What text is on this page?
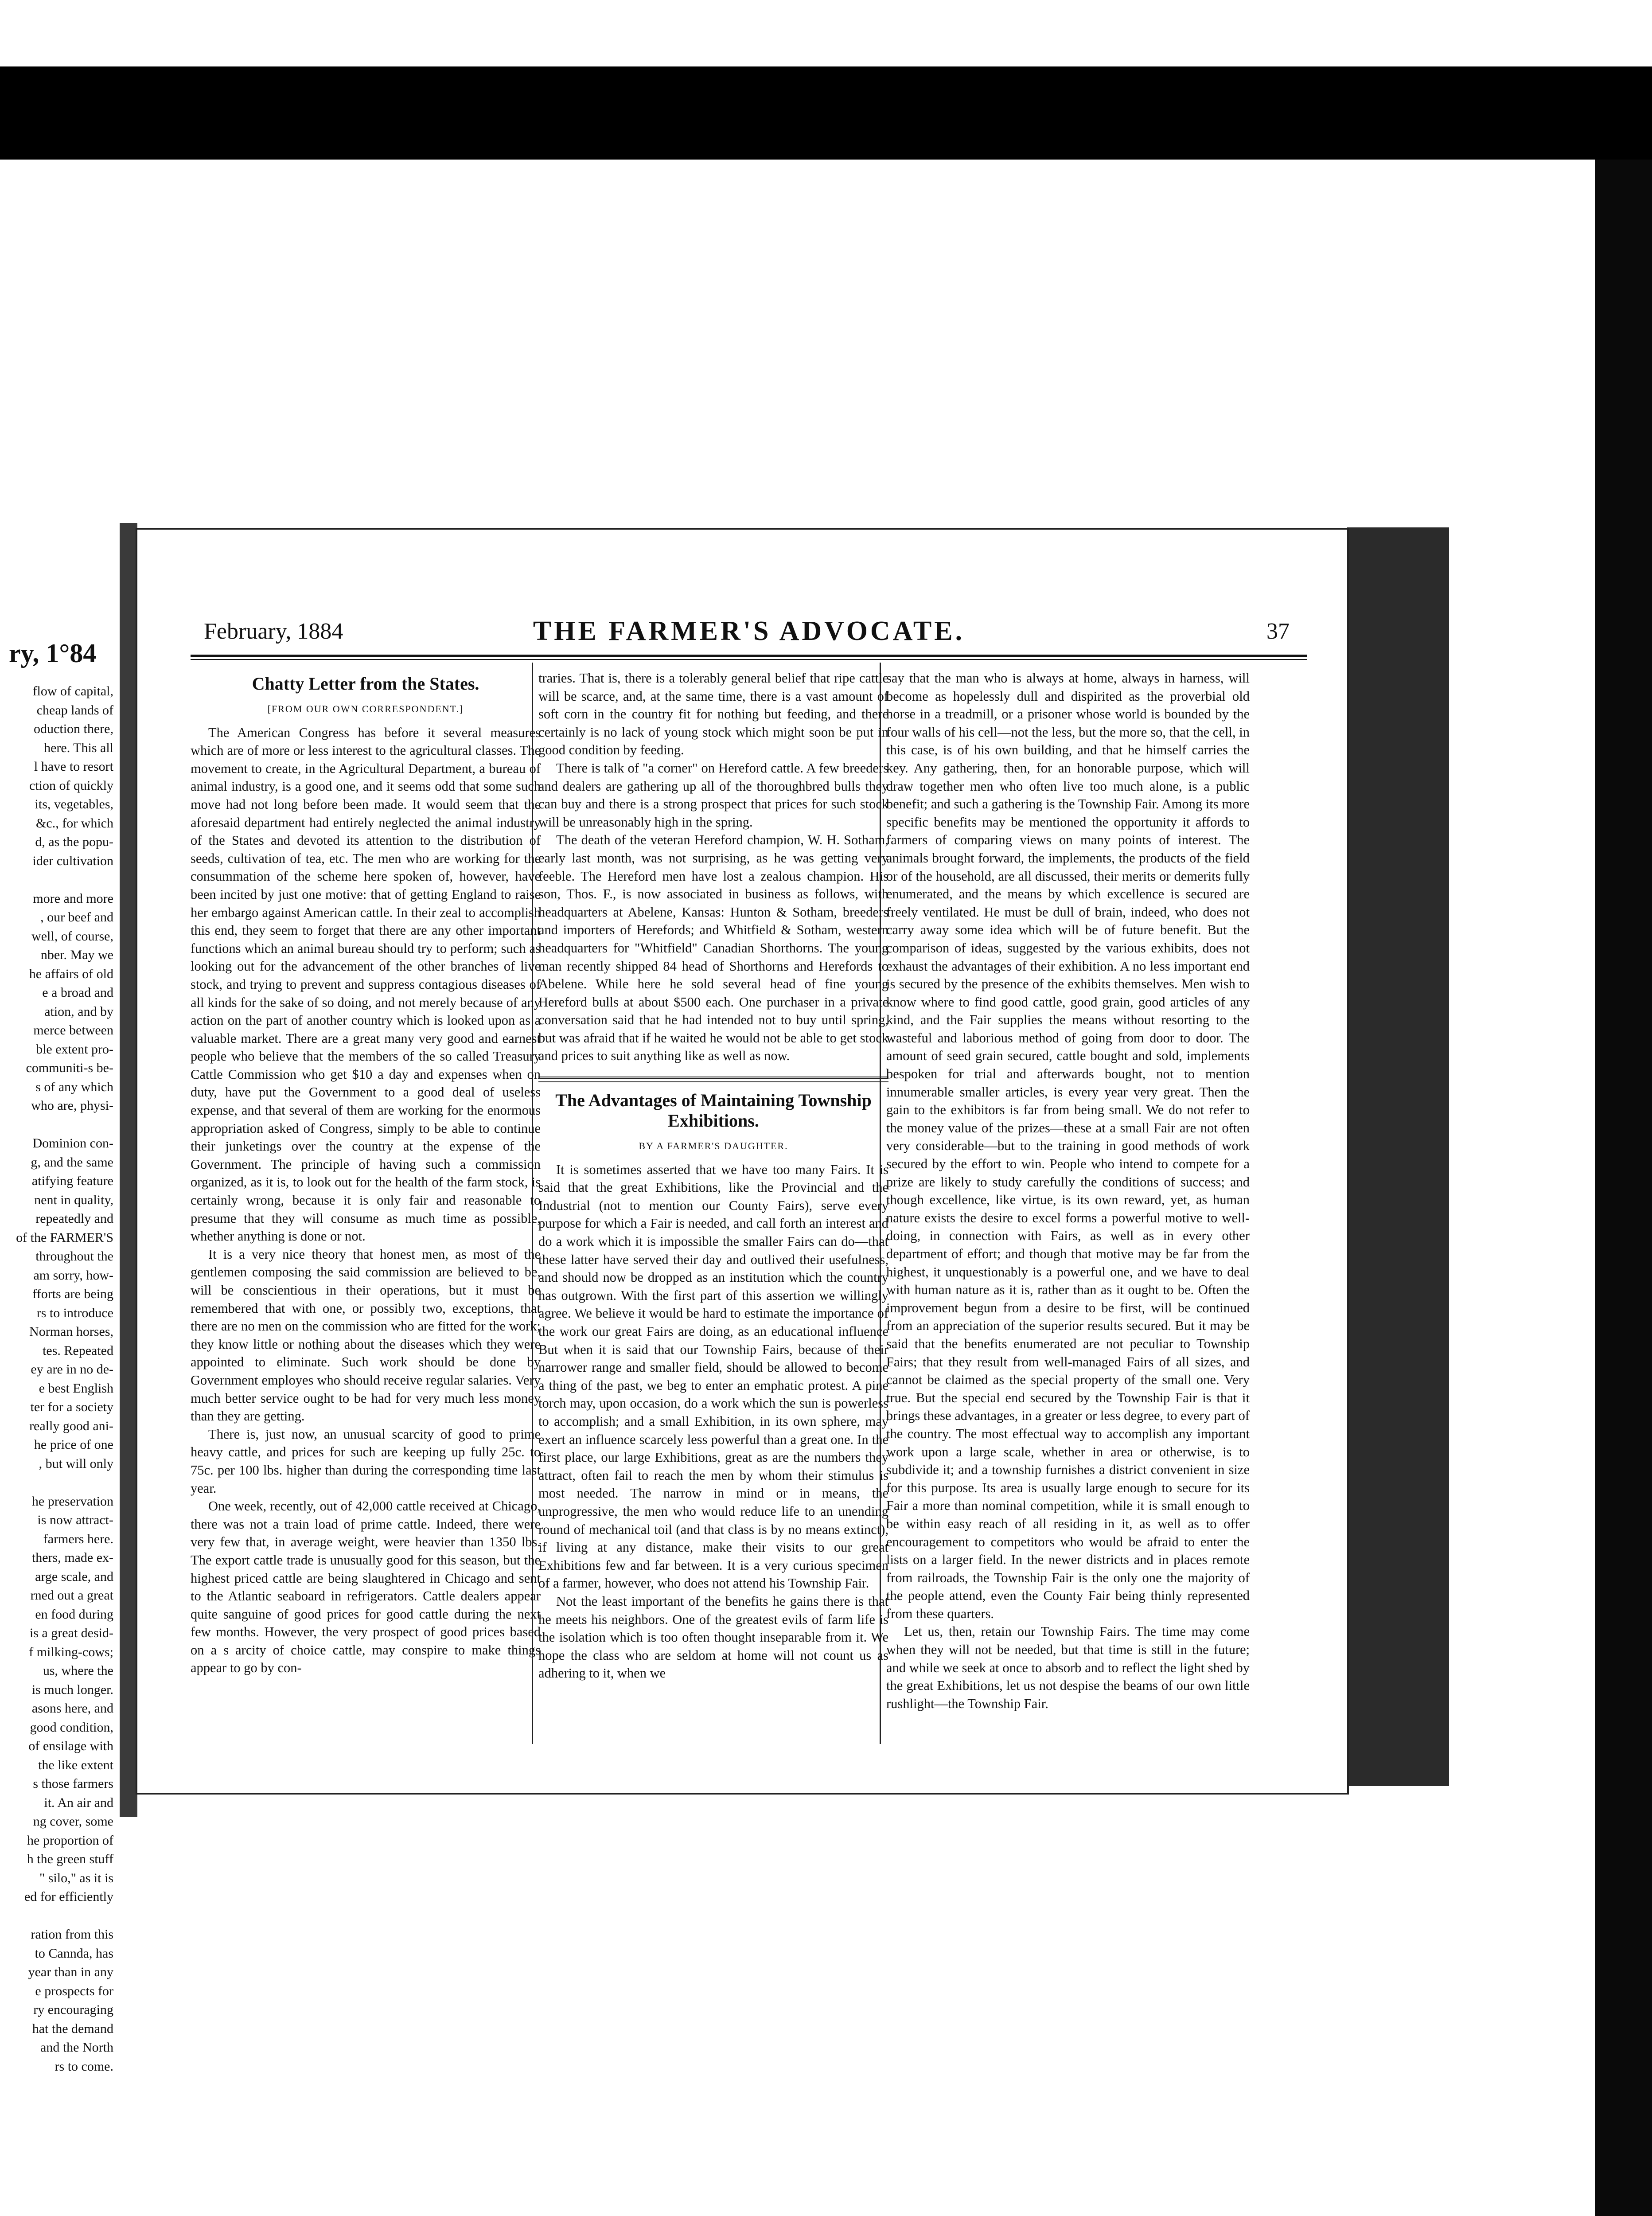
ry, 1°84
flow of capital,
cheap lands of
oduction there,
here. This all
l have to resort
ction of quickly
its, vegetables,
&c., for which
d, as the popu-
ider cultivation

more and more
, our beef and
well, of course,
nber. May we
he affairs of old
e a broad and
ation, and by
merce between
ble extent pro-
communiti-s be-
s of any which
who are, physi-

Dominion con-
g, and the same
atifying feature
nent in quality,
repeatedly and
of the FARMER'S
throughout the
am sorry, how-
fforts are being
rs to introduce
Norman horses,
tes. Repeated
ey are in no de-
e best English
ter for a society
really good ani-
he price of one
, but will only

he preservation
is now attract-
farmers here.
thers, made ex-
arge scale, and
rned out a great
en food during
is a great desid-
f milking-cows;
us, where the
is much longer.
asons here, and
good condition,
of ensilage with
the like extent
s those farmers
it. An air and
ng cover, some
he proportion of
h the green stuff
" silo," as it is
ed for efficiently

ration from this
to Cannda, has
year than in any
e prospects for
ry encouraging
hat the demand
and the North
rs to come.
February, 1884	THE FARMER'S ADVOCATE.	37
Chatty Letter from the States.
[FROM OUR OWN CORRESPONDENT.]

The American Congress has before it several measures which are of more or less interest to the agricultural classes. The movement to create, in the Agricultural Department, a bureau of animal industry, is a good one, and it seems odd that some such move had not long before been made. It would seem that the aforesaid department had entirely neglected the animal industry of the States and devoted its attention to the distribution of seeds, cultivation of tea, etc. The men who are working for the consummation of the scheme here spoken of, however, have been incited by just one motive: that of getting England to raise her embargo against American cattle. In their zeal to accomplish this end, they seem to forget that there are any other important functions which an animal bureau should try to perform; such as looking out for the advancement of the other branches of live stock, and trying to prevent and suppress contagious diseases of all kinds for the sake of so doing, and not merely because of any action on the part of another country which is looked upon as a valuable market. There are a great many very good and earnest people who believe that the members of the so called Treasury Cattle Commission who get $10 a day and expenses when on duty, have put the Government to a good deal of useless expense, and that several of them are working for the enormous appropriation asked of Congress, simply to be able to continue their junketings over the country at the expense of the Government. The principle of having such a commission organized, as it is, to look out for the health of the farm stock, is certainly wrong, because it is only fair and reasonable to presume that they will consume as much time as possible, whether anything is done or not.

It is a very nice theory that honest men, as most of the gentlemen composing the said commission are believed to be, will be conscientious in their operations, but it must be remembered that with one, or possibly two, exceptions, that there are no men on the commission who are fitted for the work; they know little or nothing about the diseases which they were appointed to eliminate. Such work should be done by Government employes who should receive regular salaries. Very much better service ought to be had for very much less money than they are getting.

There is, just now, an unusual scarcity of good to prime heavy cattle, and prices for such are keeping up fully 25c. to 75c. per 100 lbs. higher than during the corresponding time last year.

One week, recently, out of 42,000 cattle received at Chicago, there was not a train load of prime cattle. Indeed, there were very few that, in average weight, were heavier than 1350 lbs. The export cattle trade is unusually good for this season, but the highest priced cattle are being slaughtered in Chicago and sent to the Atlantic seaboard in refrigerators. Cattle dealers appear quite sanguine of good prices for good cattle during the next few months. However, the very prospect of good prices based on a s arcity of choice cattle, may conspire to make things appear to go by con-

traries. That is, there is a tolerably general belief that ripe cattle will be scarce, and, at the same time, there is a vast amount of soft corn in the country fit for nothing but feeding, and there certainly is no lack of young stock which might soon be put in good condition by feeding.

There is talk of "a corner" on Hereford cattle. A few breeders and dealers are gathering up all of the thoroughbred bulls they can buy and there is a strong prospect that prices for such stock will be unreasonably high in the spring.

The death of the veteran Hereford champion, W. H. Sotham, early last month, was not surprising, as he was getting very feeble. The Hereford men have lost a zealous champion. His son, Thos. F., is now associated in business as follows, with headquarters at Abelene, Kansas: Hunton & Sotham, breeders and importers of Herefords; and Whitfield & Sotham, western headquarters for "Whitfield" Canadian Shorthorns. The young man recently shipped 84 head of Shorthorns and Herefords to Abelene. While here he sold several head of fine young Hereford bulls at about $500 each. One purchaser in a private conversation said that he had intended not to buy until spring, but was afraid that if he waited he would not be able to get stock and prices to suit anything like as well as now.

The Advantages of Maintaining Township Exhibitions.
BY A FARMER'S DAUGHTER.

It is sometimes asserted that we have too many Fairs. It is said that the great Exhibitions, like the Provincial and the Industrial (not to mention our County Fairs), serve every purpose for which a Fair is needed, and call forth an interest and do a work which it is impossible the smaller Fairs can do—that these latter have served their day and outlived their usefulness, and should now be dropped as an institution which the country has outgrown. With the first part of this assertion we willingly agree. We believe it would be hard to estimate the importance of the work our great Fairs are doing, as an educational influence But when it is said that our Township Fairs, because of their narrower range and smaller field, should be allowed to become a thing of the past, we beg to enter an emphatic protest. A pine torch may, upon occasion, do a work which the sun is powerless to accomplish; and a small Exhibition, in its own sphere, may exert an influence scarcely less powerful than a great one. In the first place, our large Exhibitions, great as are the numbers they attract, often fail to reach the men by whom their stimulus is most needed. The narrow in mind or in means, the unprogressive, the men who would reduce life to an unending round of mechanical toil (and that class is by no means extinct), if living at any distance, make their visits to our great Exhibitions few and far between. It is a very curious specimen of a farmer, however, who does not attend his Township Fair.

Not the least important of the benefits he gains there is that he meets his neighbors. One of the greatest evils of farm life is the isolation which is too often thought inseparable from it. We hope the class who are seldom at home will not count us as adhering to it, when we

say that the man who is always at home, always in harness, will become as hopelessly dull and dispirited as the proverbial old horse in a treadmill, or a prisoner whose world is bounded by the four walls of his cell—not the less, but the more so, that the cell, in this case, is of his own building, and that he himself carries the key. Any gathering, then, for an honorable purpose, which will draw together men who often live too much alone, is a public benefit; and such a gathering is the Township Fair. Among its more specific benefits may be mentioned the opportunity it affords to farmers of comparing views on many points of interest. The animals brought forward, the implements, the products of the field or of the household, are all discussed, their merits or demerits fully enumerated, and the means by which excellence is secured are freely ventilated. He must be dull of brain, indeed, who does not carry away some idea which will be of future benefit. But the comparison of ideas, suggested by the various exhibits, does not exhaust the advantages of their exhibition. A no less important end is secured by the presence of the exhibits themselves. Men wish to know where to find good cattle, good grain, good articles of any kind, and the Fair supplies the means without resorting to the wasteful and laborious method of going from door to door. The amount of seed grain secured, cattle bought and sold, implements bespoken for trial and afterwards bought, not to mention innumerable smaller articles, is every year very great. Then the gain to the exhibitors is far from being small. We do not refer to the money value of the prizes—these at a small Fair are not often very considerable—but to the training in good methods of work secured by the effort to win. People who intend to compete for a prize are likely to study carefully the conditions of success; and though excellence, like virtue, is its own reward, yet, as human nature exists the desire to excel forms a powerful motive to well-doing, in connection with Fairs, as well as in every other department of effort; and though that motive may be far from the highest, it unquestionably is a powerful one, and we have to deal with human nature as it is, rather than as it ought to be. Often the improvement begun from a desire to be first, will be continued from an appreciation of the superior results secured. But it may be said that the benefits enumerated are not peculiar to Township Fairs; that they result from well-managed Fairs of all sizes, and cannot be claimed as the special property of the small one. Very true. But the special end secured by the Township Fair is that it brings these advantages, in a greater or less degree, to every part of the country. The most effectual way to accomplish any important work upon a large scale, whether in area or otherwise, is to subdivide it; and a township furnishes a district convenient in size for this purpose. Its area is usually large enough to secure for its Fair a more than nominal competition, while it is small enough to be within easy reach of all residing in it, as well as to offer encouragement to competitors who would be afraid to enter the lists on a larger field. In the newer districts and in places remote from railroads, the Township Fair is the only one the majority of the people attend, even the County Fair being thinly represented from these quarters.

Let us, then, retain our Township Fairs. The time may come when they will not be needed, but that time is still in the future; and while we seek at once to absorb and to reflect the light shed by the great Exhibitions, let us not despise the beams of our own little rushlight—the Township Fair.
